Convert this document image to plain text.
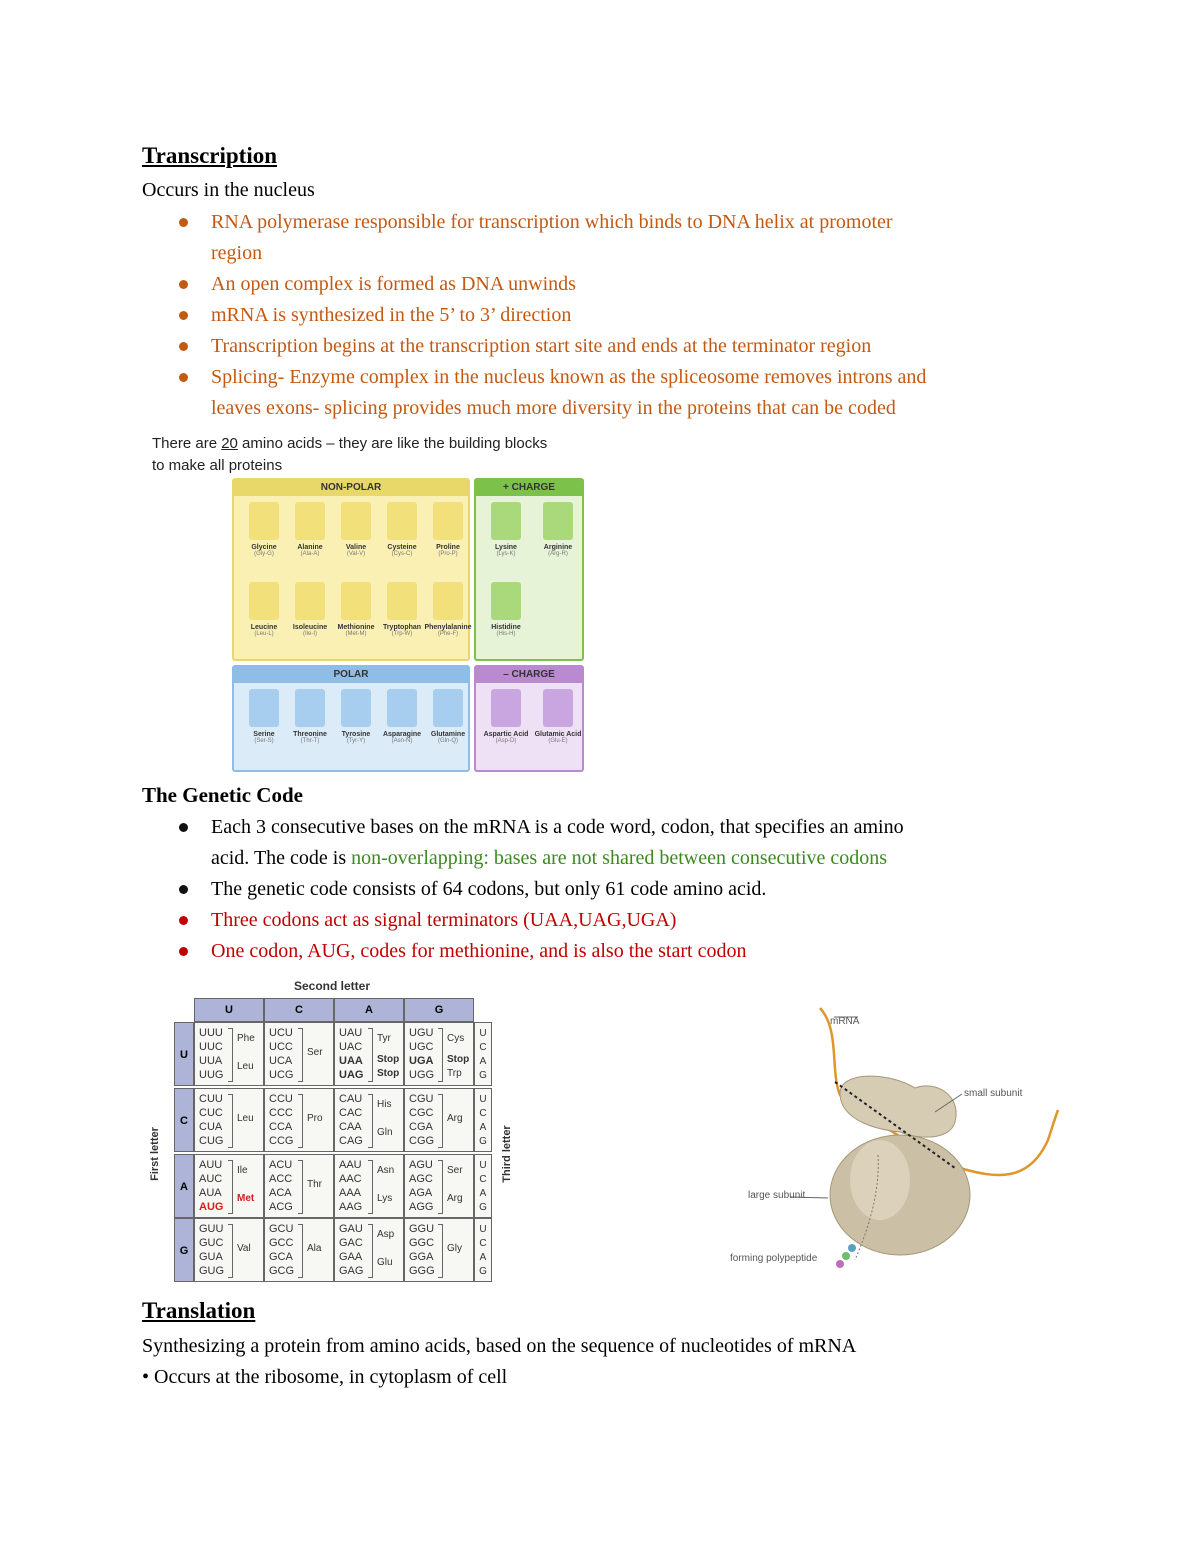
Transcription
Occurs in the nucleus
RNA polymerase responsible for transcription which binds to DNA helix at promoter
region
An open complex is formed as DNA unwinds
mRNA is synthesized in the 5’ to 3’ direction
Transcription begins at the transcription start site and ends at the terminator region
Splicing- Enzyme complex in the nucleus known as the spliceosome removes introns and
leaves exons- splicing provides much more diversity in the proteins that can be coded
There are 20 amino acids – they are like the building blocks
to make all proteins
NON-POLAR
Glycine
(Gly-G)
Alanine
(Ala-A)
Valine
(Val-V)
Cysteine
(Cys-C)
Proline
(Pro-P)
Leucine
(Leu-L)
Isoleucine
(Ile-I)
Methionine
(Met-M)
Tryptophan
(Trp-W)
Phenylalanine
(Phe-F)
+ CHARGE
Lysine
(Lys-K)
Arginine
(Arg-R)
Histidine
(His-H)
POLAR
Serine
(Ser-S)
Threonine
(Thr-T)
Tyrosine
(Tyr-Y)
Asparagine
(Asn-N)
Glutamine
(Gln-Q)
– CHARGE
Aspartic Acid
(Asp-D)
Glutamic Acid
(Glu-E)
The Genetic Code
Each 3 consecutive bases on the mRNA is a code word, codon, that specifies an amino
acid. The code is non-overlapping: bases are not shared between consecutive codons
The genetic code consists of 64 codons, but only 61 code amino acid.
Three codons act as signal terminators (UAA,UAG,UGA)
One codon, AUG, codes for methionine, and is also the start codon
Second letter
First letter	Third letter
U
U
U
C
A
G
C
C
U
C
A
G
A
A
U
C
A
G
G
G
U
C
A
G
UUU
UUC
UUA
UUG
Phe
Leu
UCU
UCC
UCA
UCG
Ser
UAU
UAC
UAA
UAG
Tyr
Stop
Stop
UGU
UGC
UGA
UGG
Cys
Stop
Trp
CUU
CUC
CUA
CUG
Leu
CCU
CCC
CCA
CCG
Pro
CAU
CAC
CAA
CAG
His
Gln
CGU
CGC
CGA
CGG
Arg
AUU
AUC
AUA
AUG
Ile
Met
ACU
ACC
ACA
ACG
Thr
AAU
AAC
AAA
AAG
Asn
Lys
AGU
AGC
AGA
AGG
Ser
Arg
GUU
GUC
GUA
GUG
Val
GCU
GCC
GCA
GCG
Ala
GAU
GAC
GAA
GAG
Asp
Glu
GGU
GGC
GGA
GGG
Gly
mRNA
small subunit
large subunit
forming polypeptide
Translation
Synthesizing a protein from amino acids, based on the sequence of nucleotides of mRNA
• Occurs at the ribosome, in cytoplasm of cell
